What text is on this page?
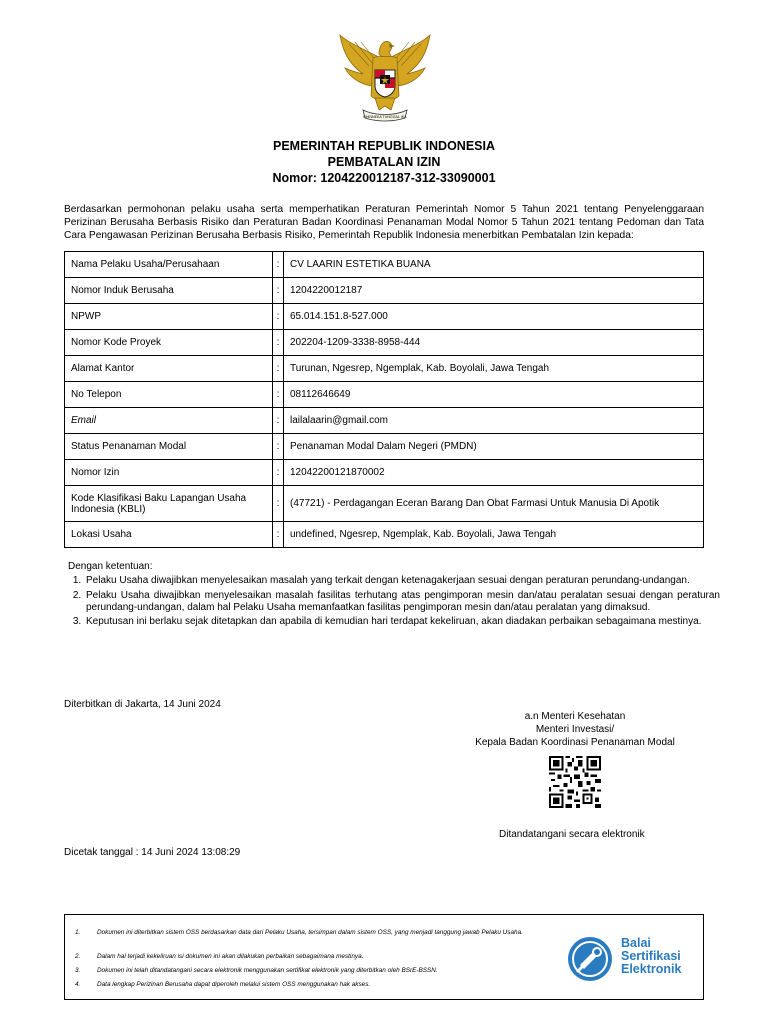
BHINNEKA TUNGGAL IKA
PEMERINTAH REPUBLIK INDONESIA
PEMBATALAN IZIN
Nomor: 1204220012187-312-33090001
Berdasarkan permohonan pelaku usaha serta memperhatikan Peraturan Pemerintah Nomor 5 Tahun 2021 tentang Penyelenggaraan Perizinan Berusaha Berbasis Risiko dan Peraturan Badan Koordinasi Penanaman Modal Nomor 5 Tahun 2021 tentang Pedoman dan Tata Cara Pengawasan Perizinan Berusaha Berbasis Risiko, Pemerintah Republik Indonesia menerbitkan Pembatalan Izin kepada:
Nama Pelaku Usaha/Perusahaan	:	CV LAARIN ESTETIKA BUANA
Nomor Induk Berusaha	:	1204220012187
NPWP	:	65.014.151.8-527.000
Nomor Kode Proyek	:	202204-1209-3338-8958-444
Alamat Kantor	:	Turunan, Ngesrep, Ngemplak, Kab. Boyolali, Jawa Tengah
No Telepon	:	08112646649
Email	:	lailalaarin@gmail.com
Status Penanaman Modal	:	Penanaman Modal Dalam Negeri (PMDN)
Nomor Izin	:	12042200121870002
Kode Klasifikasi Baku Lapangan Usaha Indonesia (KBLI)	:	(47721) - Perdagangan Eceran Barang Dan Obat Farmasi Untuk Manusia Di Apotik
Lokasi Usaha	:	undefined, Ngesrep, Ngemplak, Kab. Boyolali, Jawa Tengah
Dengan ketentuan:
1. Pelaku Usaha diwajibkan menyelesaikan masalah yang terkait dengan ketenagakerjaan sesuai dengan peraturan perundang-undangan.
2. Pelaku Usaha diwajibkan menyelesaikan masalah fasilitas terhutang atas pengimporan mesin dan/atau peralatan sesuai dengan peraturan perundang-undangan, dalam hal Pelaku Usaha memanfaatkan fasilitas pengimporan mesin dan/atau peralatan yang dimaksud.
3. Keputusan ini berlaku sejak ditetapkan dan apabila di kemudian hari terdapat kekeliruan, akan diadakan perbaikan sebagaimana mestinya.
Diterbitkan di Jakarta, 14 Juni 2024
a.n Menteri Kesehatan
Menteri Investasi/
Kepala Badan Koordinasi Penanaman Modal
Ditandatangani secara elektronik
Dicetak tanggal : 14 Juni 2024 13:08:29
1.	Dokumen ini diterbitkan sistem OSS berdasarkan data dari Pelaku Usaha, tersimpan dalam sistem OSS, yang menjadi tanggung jawab Pelaku Usaha.
2.	Dalam hal terjadi kekeliruan isi dokumen ini akan dilakukan perbaikan sebagaimana mestinya.
3.	Dokumen ini telah ditandatangani secara elektronik menggunakan sertifikat elektronik yang diterbitkan oleh BSrE-BSSN.
4.	Data lengkap Perizinan Berusaha dapat diperoleh melalui sistem OSS menggunakan hak akses.
Balai
Sertifikasi
Elektronik
